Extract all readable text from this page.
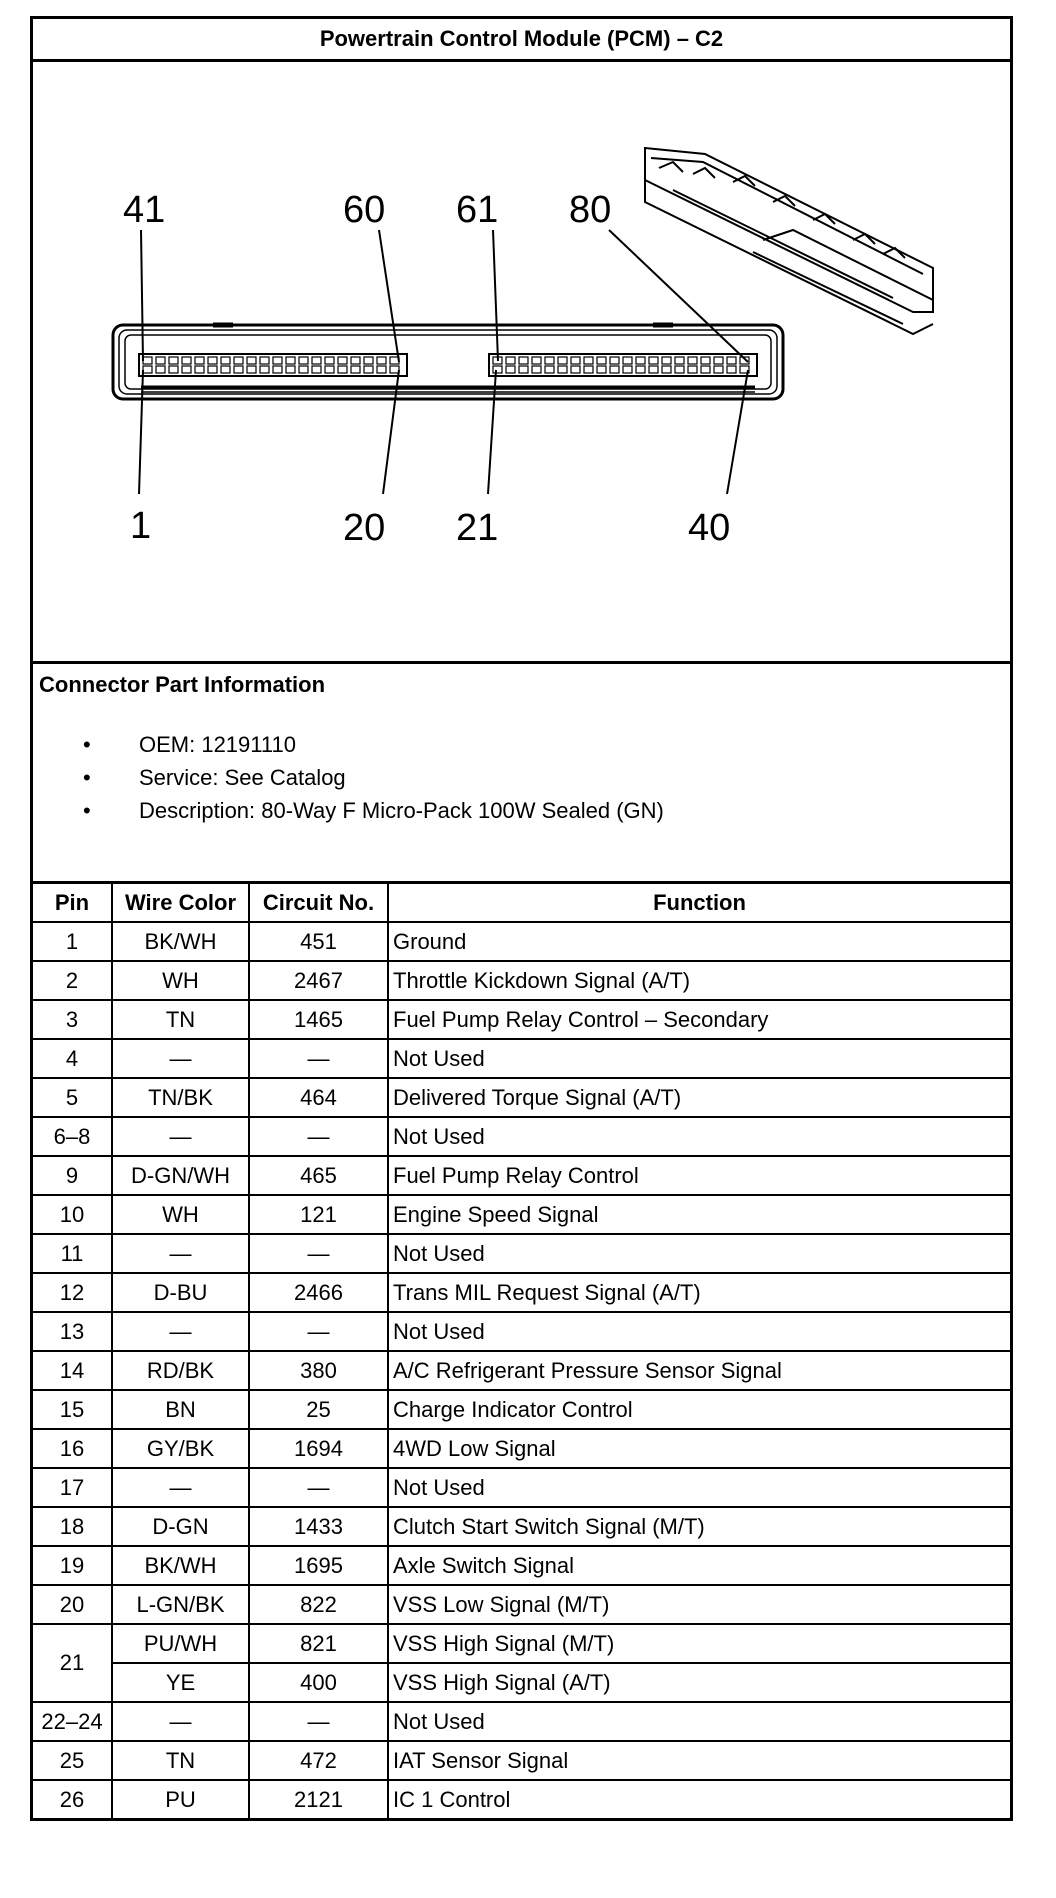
Powertrain Control Module (PCM) – C2
41	60 61 80
1	20 21	40
Connector Part Information
• OEM: 12191110
• Service: See Catalog
• Description: 80-Way F Micro-Pack 100W Sealed (GN)
Pin	Wire Color	Circuit No.	Function
1	BK/WH	451	Ground
2	WH	2467	Throttle Kickdown Signal (A/T)
3	TN	1465	Fuel Pump Relay Control – Secondary
4	—	—	Not Used
5	TN/BK	464	Delivered Torque Signal (A/T)
6–8	—	—	Not Used
9	D-GN/WH	465	Fuel Pump Relay Control
10	WH	121	Engine Speed Signal
11	—	—	Not Used
12	D-BU	2466	Trans MIL Request Signal (A/T)
13	—	—	Not Used
14	RD/BK	380	A/C Refrigerant Pressure Sensor Signal
15	BN	25	Charge Indicator Control
16	GY/BK	1694	4WD Low Signal
17	—	—	Not Used
18	D-GN	1433	Clutch Start Switch Signal (M/T)
19	BK/WH	1695	Axle Switch Signal
20	L-GN/BK	822	VSS Low Signal (M/T)
21	PU/WH	821	VSS High Signal (M/T)
	YE	400	VSS High Signal (A/T)
22–24	—	—	Not Used
25	TN	472	IAT Sensor Signal
26	PU	2121	IC 1 Control
